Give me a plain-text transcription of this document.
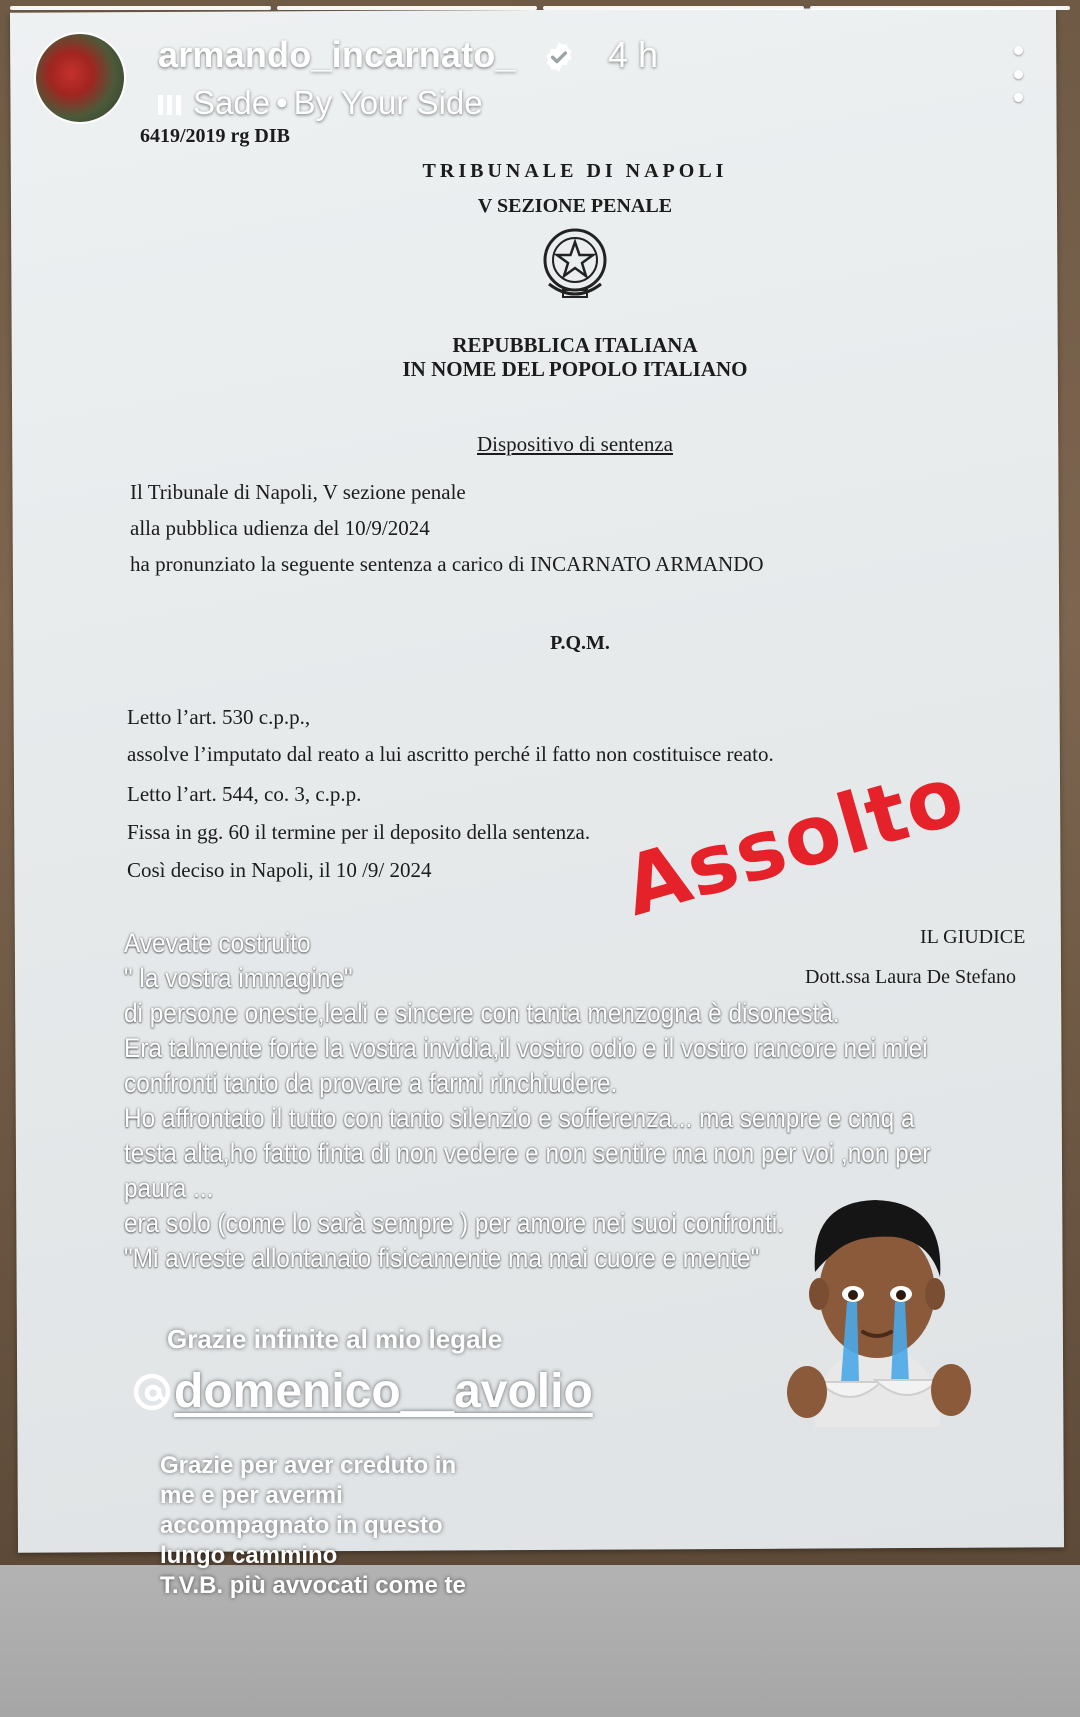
armando_incarnato_	4 h
Sade • By Your Side
6419/2019 rg DIB
TRIBUNALE DI NAPOLI
V SEZIONE PENALE
REPUBBLICA ITALIANA
IN NOME DEL POPOLO ITALIANO
Dispositivo di sentenza
Il Tribunale di Napoli, V sezione penale
alla pubblica udienza del 10/9/2024
ha pronunziato la seguente sentenza a carico di INCARNATO ARMANDO
P.Q.M.
Letto l’art. 530 c.p.p.,
assolve l’imputato dal reato a lui ascritto perché il fatto non costituisce reato.
Letto l’art. 544, co. 3, c.p.p.
Fissa in gg. 60 il termine per il deposito della sentenza.
Così deciso in Napoli, il 10 /9/ 2024
IL GIUDICE
Dott.ssa Laura De Stefano
Assolto
Avevate costruito
" la vostra immagine"
di persone oneste,leali e sincere con tanta menzogna è disonestà.
Era talmente forte la vostra invidia,il vostro odio e il vostro rancore nei miei
confronti tanto da provare a farmi rinchiudere.
Ho affrontato il tutto con tanto silenzio e sofferenza... ma sempre e cmq a
testa alta,ho fatto finta di non vedere e non sentire ma non per voi ,non per
paura ...
era solo (come lo sarà sempre ) per amore nei suoi confronti.
"Mi avreste allontanato fisicamente ma mai cuore e mente"
Grazie infinite al mio legale
domenico__avolio
Grazie per aver creduto in
me e per avermi
accompagnato in questo
lungo cammino
T.V.B. più avvocati come te
